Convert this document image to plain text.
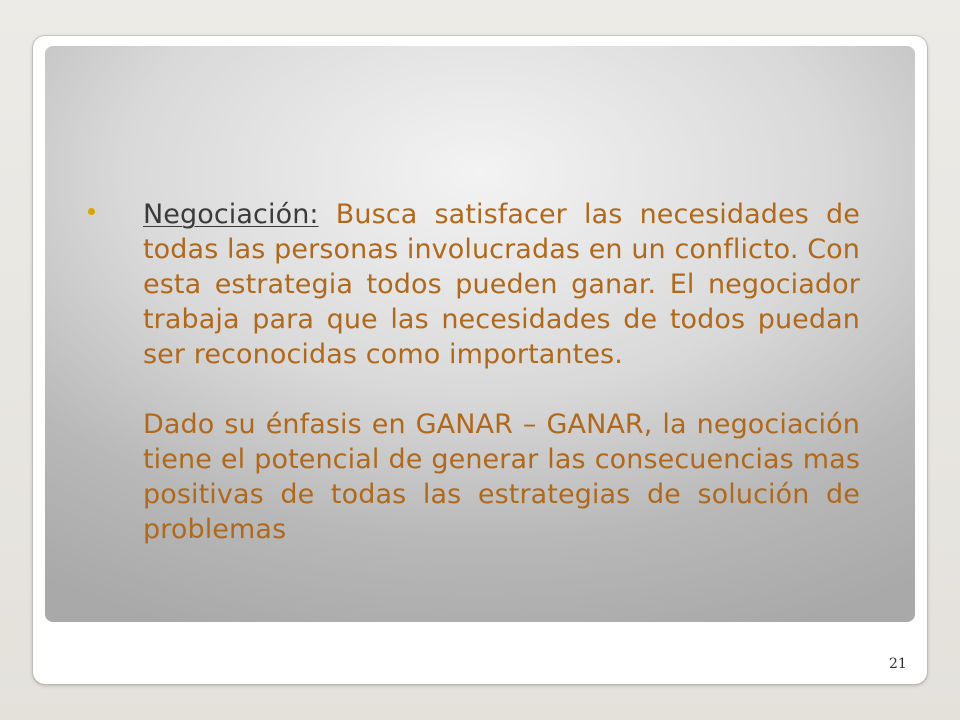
Negociación: Busca satisfacer las necesidades de todas las personas involucradas en un conflicto. Con esta estrategia todos pueden ganar. El negociador trabaja para que las necesidades de todos puedan ser reconocidas como importantes.

Dado su énfasis en GANAR – GANAR, la negociación tiene el potencial de generar las consecuencias mas positivas de todas las estrategias de solución de problemas

21
